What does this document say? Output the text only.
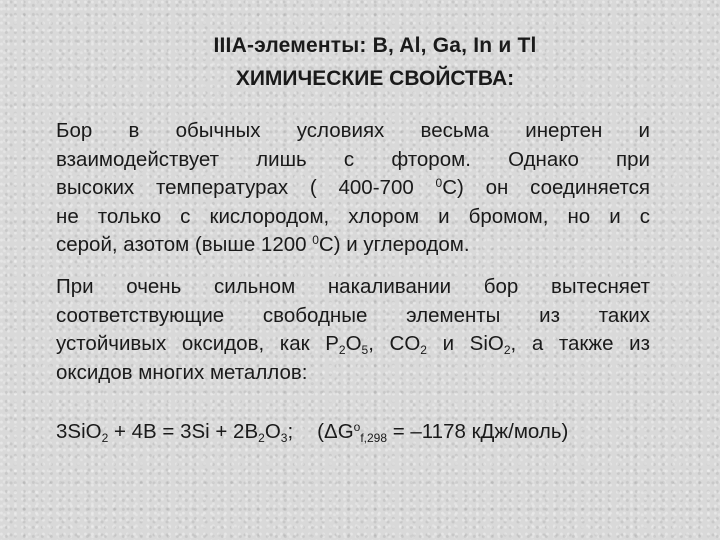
IIIA-элементы: B, Al, Ga, In и Tl
ХИМИЧЕСКИЕ СВОЙСТВА:
Бор в обычных условиях весьма инертен и
взаимодействует лишь с фтором. Однако при
высоких температурах ( 400-700 $^0$С) он соединяется
не только с кислородом, хлором и бромом, но и с
серой, азотом (выше 1200 $^0$С) и углеродом.
При очень сильном накаливании бор вытесняет
соответствующие свободные элементы из таких
устойчивых оксидов, как $P_2O_5$, $CO_2$ и SiO$_2$, а также из
оксидов многих металлов:
$3SiO_2 + 4B = 3Si + 2B_2O_3$; ($\Delta G^o_{f,298} = -1178$ кДж/моль)
